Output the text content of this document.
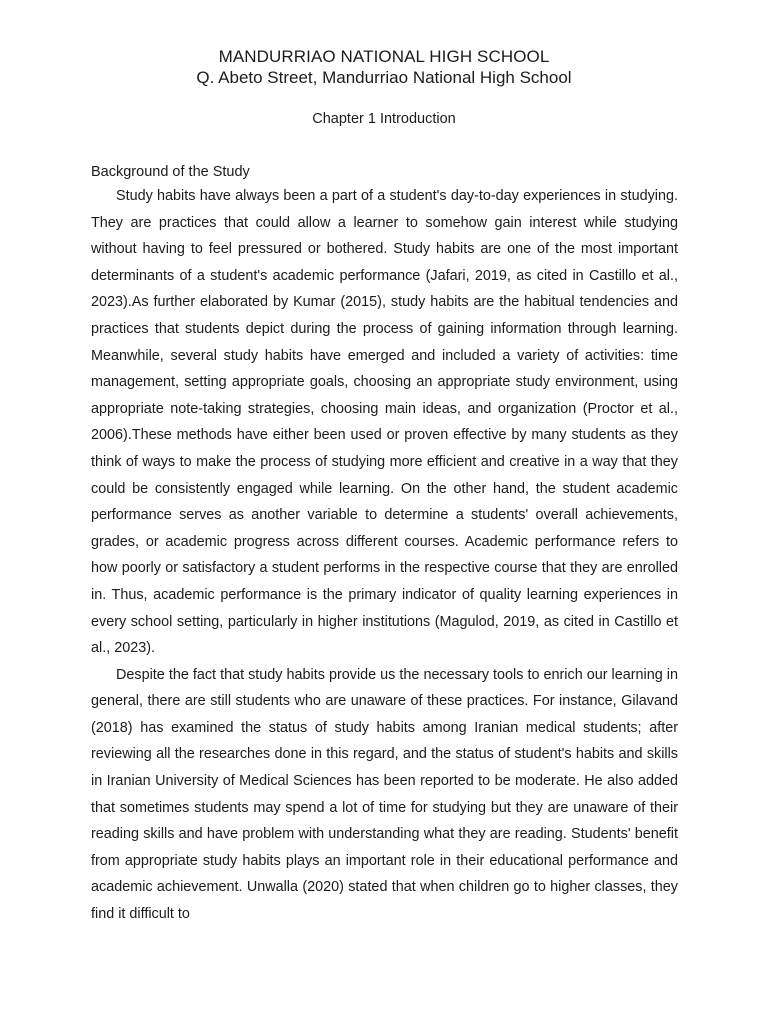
MANDURRIAO NATIONAL HIGH SCHOOL
Q. Abeto Street, Mandurriao National High School
Chapter 1 Introduction
Background of the Study

Study habits have always been a part of a student's day-to-day experiences in studying. They are practices that could allow a learner to somehow gain interest while studying without having to feel pressured or bothered. Study habits are one of the most important determinants of a student's academic performance (Jafari, 2019, as cited in Castillo et al., 2023).As further elaborated by Kumar (2015), study habits are the habitual tendencies and practices that students depict during the process of gaining information through learning. Meanwhile, several study habits have emerged and included a variety of activities: time management, setting appropriate goals, choosing an appropriate study environment, using appropriate note-taking strategies, choosing main ideas, and organization (Proctor et al., 2006).These methods have either been used or proven effective by many students as they think of ways to make the process of studying more efficient and creative in a way that they could be consistently engaged while learning. On the other hand, the student academic performance serves as another variable to determine a students' overall achievements, grades, or academic progress across different courses. Academic performance refers to how poorly or satisfactory a student performs in the respective course that they are enrolled in. Thus, academic performance is the primary indicator of quality learning experiences in every school setting, particularly in higher institutions (Magulod, 2019, as cited in Castillo et al., 2023).

Despite the fact that study habits provide us the necessary tools to enrich our learning in general, there are still students who are unaware of these practices. For instance, Gilavand (2018) has examined the status of study habits among Iranian medical students; after reviewing all the researches done in this regard, and the status of student's habits and skills in Iranian University of Medical Sciences has been reported to be moderate. He also added that sometimes students may spend a lot of time for studying but they are unaware of their reading skills and have problem with understanding what they are reading. Students' benefit from appropriate study habits plays an important role in their educational performance and academic achievement. Unwalla (2020) stated that when children go to higher classes, they find it difficult to
